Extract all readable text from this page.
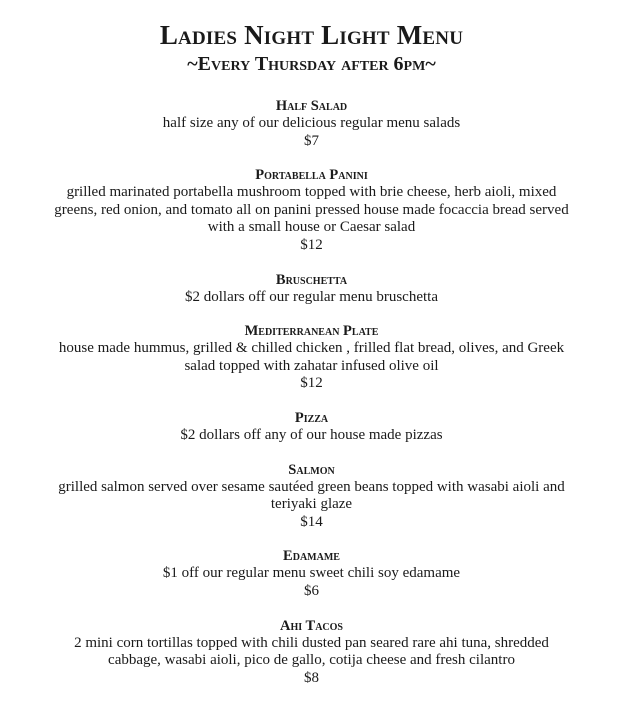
Ladies Night Light Menu
~Every Thursday after 6pm~
Half Salad
half size any of our delicious regular menu salads
$7
Portabella Panini
grilled marinated portabella mushroom topped with brie cheese, herb aioli, mixed
greens, red onion, and tomato all on panini pressed house made focaccia bread served
with a small house or Caesar salad
$12
Bruschetta
$2 dollars off our regular menu bruschetta
Mediterranean Plate
house made hummus, grilled & chilled chicken , frilled flat bread, olives, and Greek
salad topped with zahatar infused olive oil
$12
Pizza
$2 dollars off any of our house made pizzas
Salmon
grilled salmon served over sesame sautéed green beans topped with wasabi aioli and
teriyaki glaze
$14
Edamame
$1 off our regular menu sweet chili soy edamame
$6
Ahi Tacos
2 mini corn tortillas topped with chili dusted pan seared rare ahi tuna, shredded
cabbage, wasabi aioli, pico de gallo, cotija cheese and fresh cilantro
$8
